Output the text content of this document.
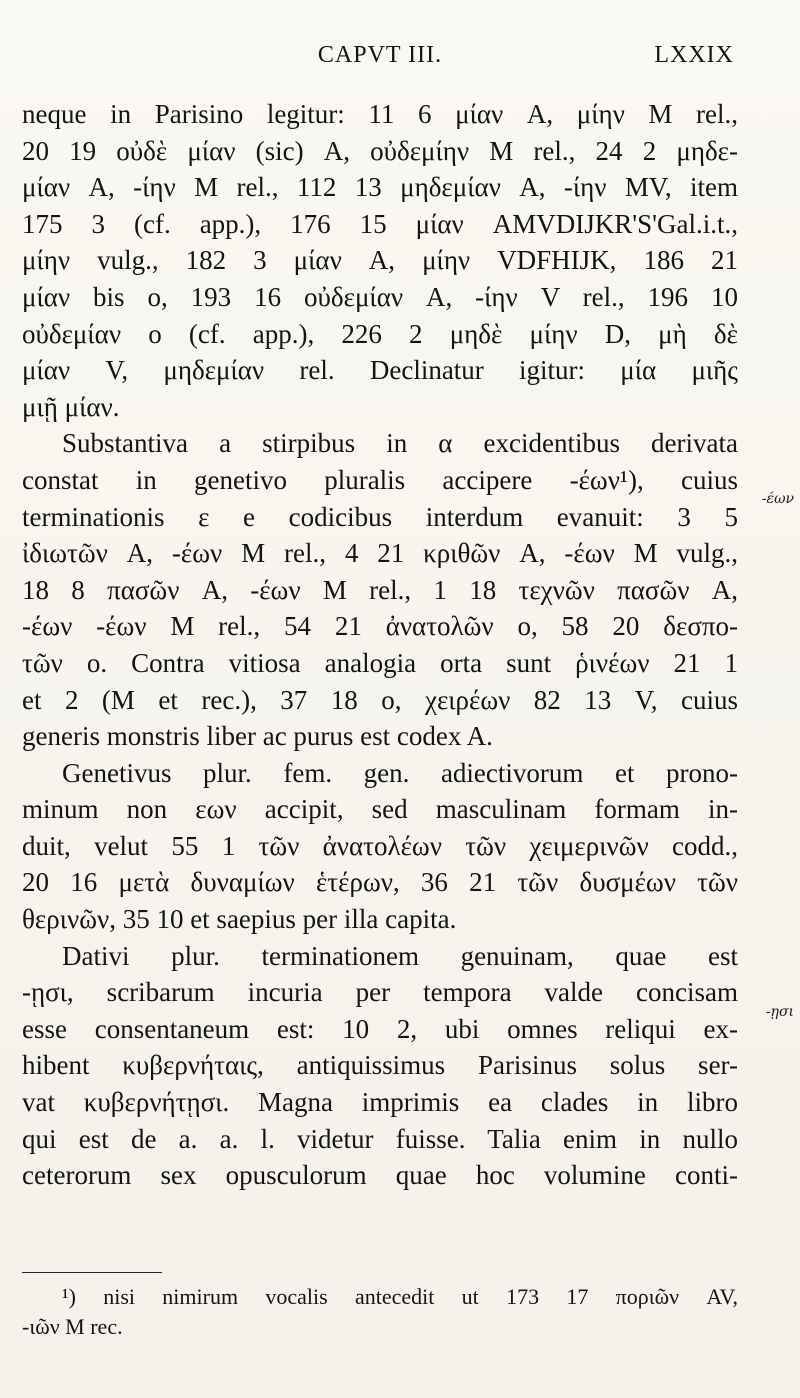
CAPVT III.	LXXIX
neque in Parisino legitur: 11 6 μίαν A, μίην M rel.,
20 19 οὐδὲ μίαν (sic) A, οὐδεμίην M rel., 24 2 μηδε-
μίαν A, -ίην M rel., 112 13 μηδεμίαν A, -ίην MV, item
175 3 (cf. app.), 176 15 μίαν AMVDIJKR'S'Gal.i.t.,
μίην vulg., 182 3 μίαν A, μίην VDFHIJK, 186 21
μίαν bis o, 193 16 οὐδεμίαν A, -ίην V rel., 196 10
οὐδεμίαν o (cf. app.), 226 2 μηδὲ μίην D, μὴ δὲ
μίαν V, μηδεμίαν rel. Declinatur igitur: μία μιῆς
μιῇ μίαν.
Substantiva a stirpibus in α excidentibus derivata
constat in genetivo pluralis accipere -έων¹), cuius
terminationis ε e codicibus interdum evanuit: 3 5
ἰδιωτῶν A, -έων M rel., 4 21 κριθῶν A, -έων M vulg.,
18 8 πασῶν A, -έων M rel., 1 18 τεχνῶν πασῶν A,
-έων -έων M rel., 54 21 ἀνατολῶν o, 58 20 δεσπο-
τῶν o. Contra vitiosa analogia orta sunt ῥινέων 21 1
et 2 (M et rec.), 37 18 o, χειρέων 82 13 V, cuius
generis monstris liber ac purus est codex A.
Genetivus plur. fem. gen. adiectivorum et prono-
minum non εων accipit, sed masculinam formam in-
duit, velut 55 1 τῶν ἀνατολέων τῶν χειμερινῶν codd.,
20 16 μετὰ δυναμίων ἑτέρων, 36 21 τῶν δυσμέων τῶν
θερινῶν, 35 10 et saepius per illa capita.
Dativi plur. terminationem genuinam, quae est
-ῃσι, scribarum incuria per tempora valde concisam
esse consentaneum est: 10 2, ubi omnes reliqui ex-
hibent κυβερνήταις, antiquissimus Parisinus solus ser-
vat κυβερνήτῃσι. Magna imprimis ea clades in libro
qui est de a. a. l. videtur fuisse. Talia enim in nullo
ceterorum sex opusculorum quae hoc volumine conti-
-έων
-ῃσι
¹) nisi nimirum vocalis antecedit ut 173 17 ποριῶν AV,
-ιῶν M rec.
